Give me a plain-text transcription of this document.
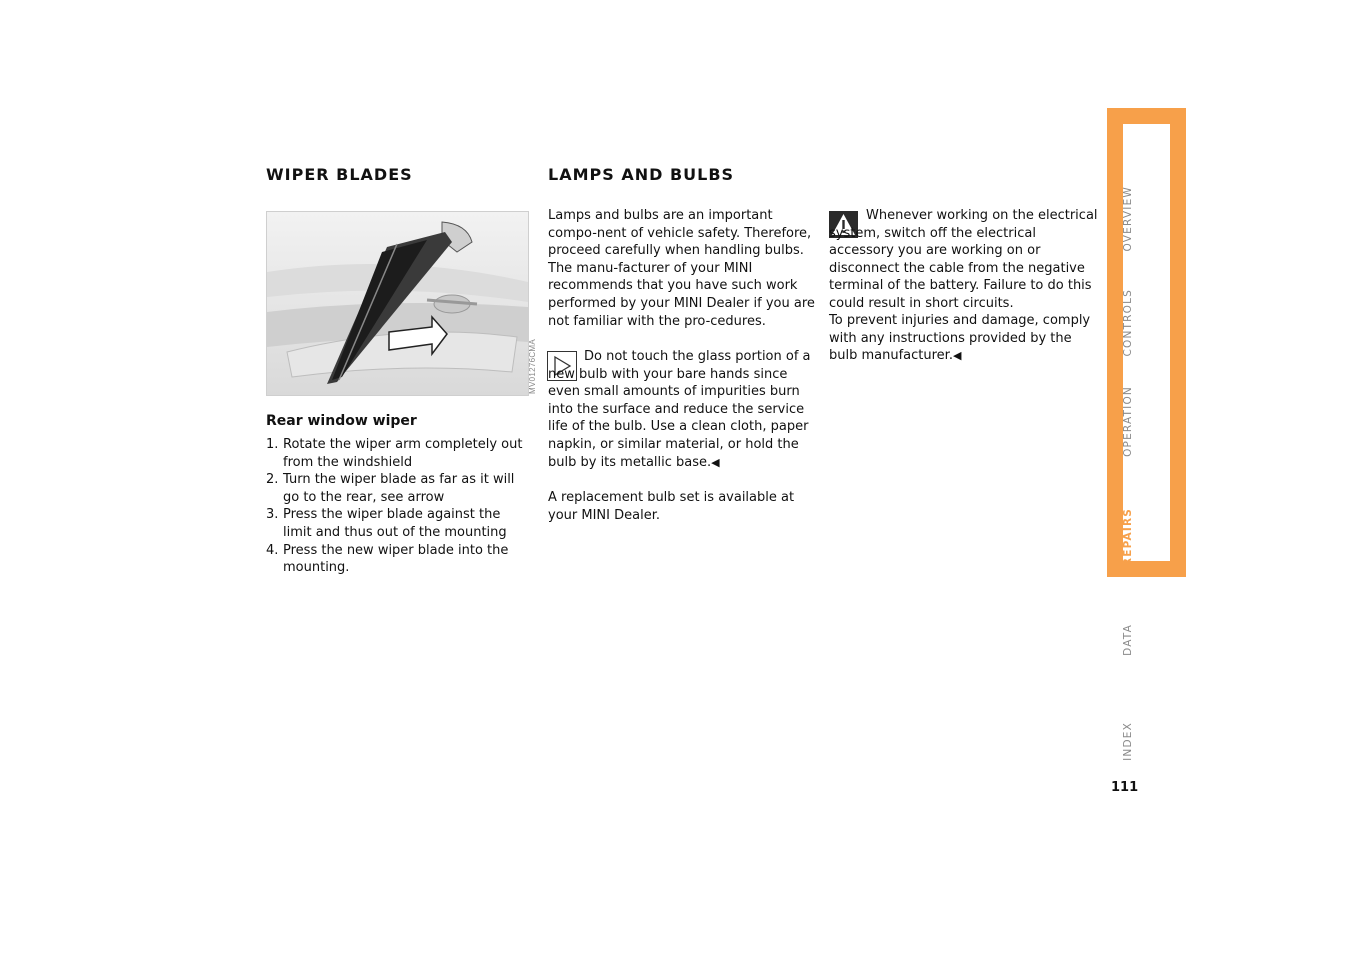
WIPER BLADES
MV01276CMA
Rear window wiper
1. Rotate the wiper arm completely out from the windshield
2. Turn the wiper blade as far as it will go to the rear, see arrow
3. Press the wiper blade against the limit and thus out of the mounting
4. Press the new wiper blade into the mounting.
LAMPS AND BULBS

Lamps and bulbs are an important compo-nent of vehicle safety. Therefore, proceed carefully when handling bulbs. The manu-facturer of your MINI recommends that you have such work performed by your MINI Dealer if you are not familiar with the pro-cedures.

Do not touch the glass portion of a new bulb with your bare hands since even small amounts of impurities burn into the surface and reduce the service life of the bulb. Use a clean cloth, paper napkin, or similar material, or hold the bulb by its metallic base.◀

A replacement bulb set is available at your MINI Dealer.

Whenever working on the electrical system, switch off the electrical accessory you are working on or disconnect the cable from the negative terminal of the battery. Failure to do this could result in short circuits.

To prevent injuries and damage, comply with any instructions provided by the bulb manufacturer.◀

OVERVIEW
CONTROLS
OPERATION
REPAIRS
DATA
INDEX
111
